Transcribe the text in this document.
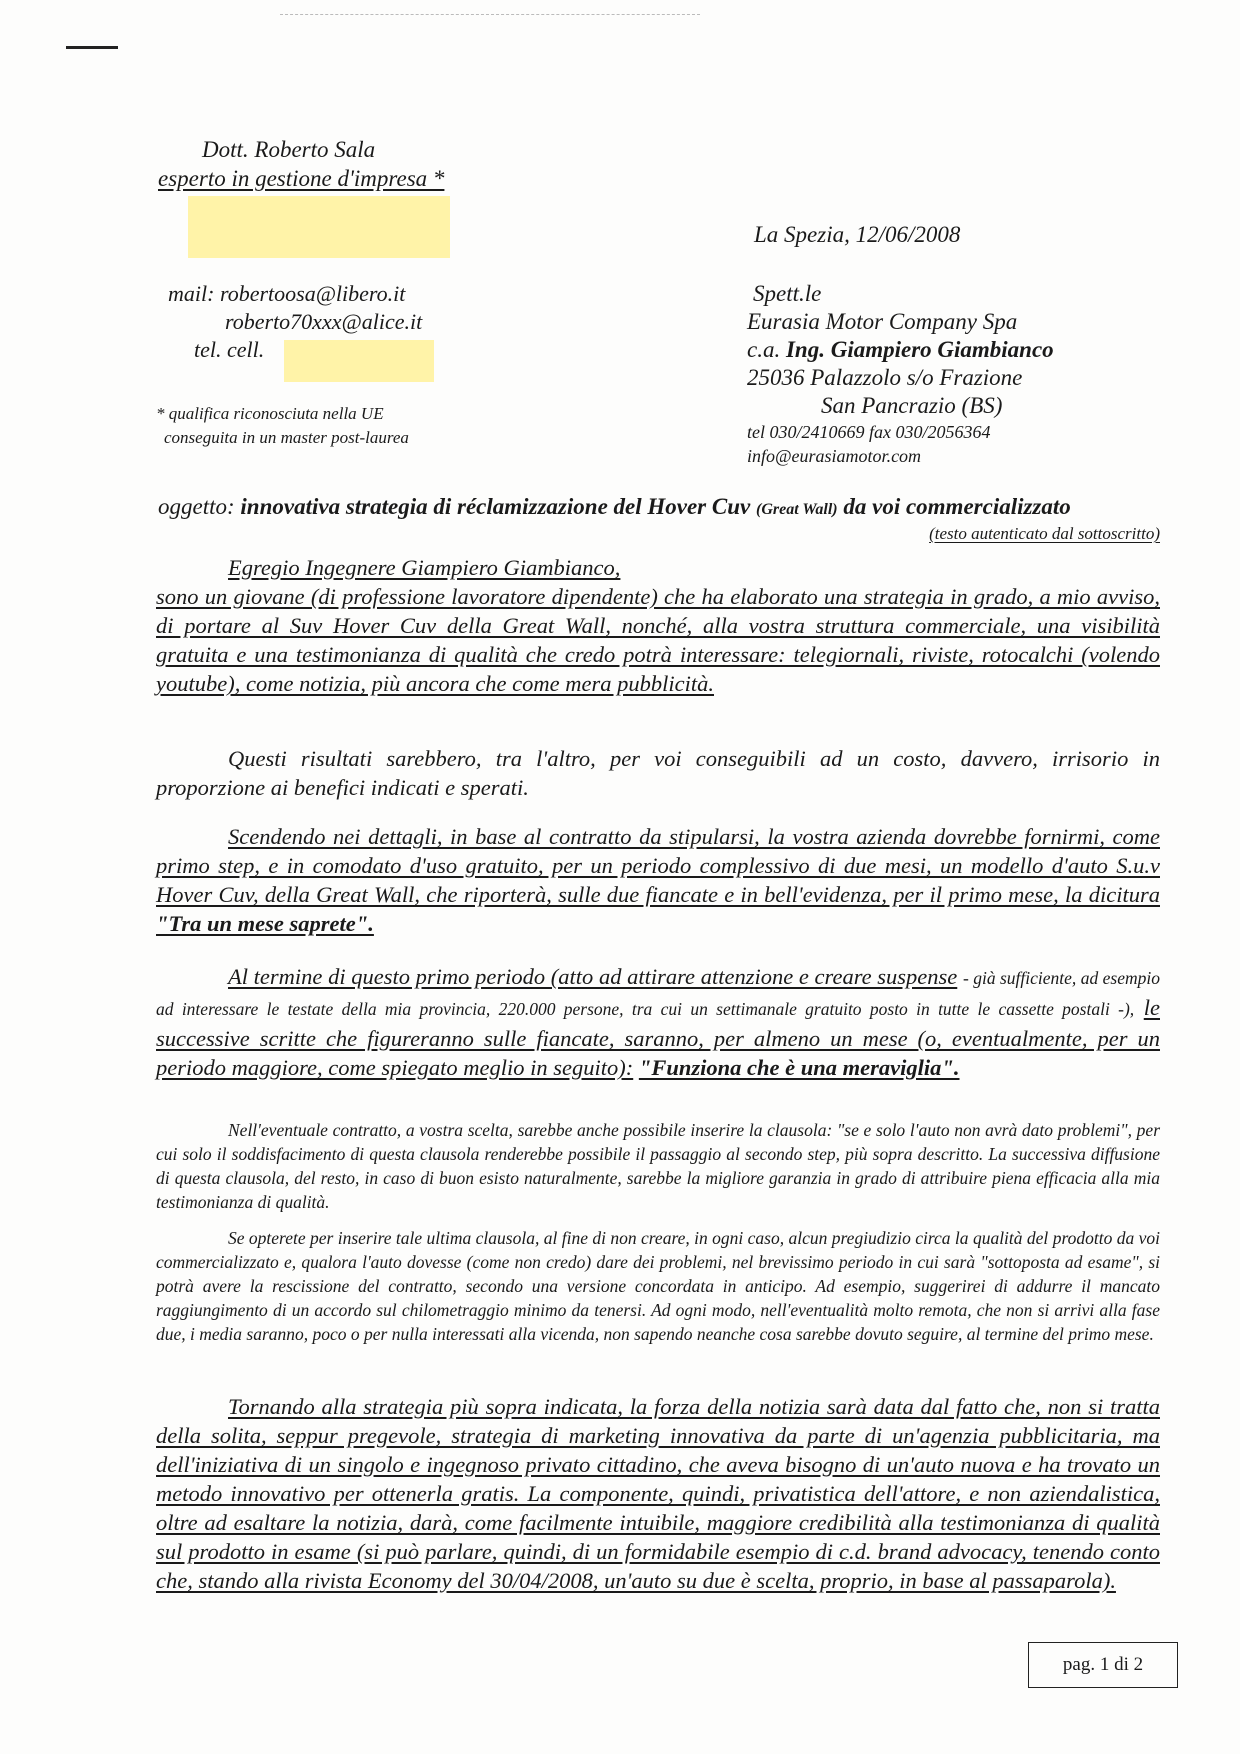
Dott. Roberto Sala
esperto in gestione d'impresa *
mail: robertoosa@libero.it
roberto70xxx@alice.it
tel. cell.
* qualifica riconosciuta nella UE
conseguita in un master post-laurea
La Spezia, 12/06/2008
Spett.le
Eurasia Motor Company Spa
c.a. Ing. Giampiero Giambianco
25036 Palazzolo s/o Frazione
San Pancrazio (BS)
tel 030/2410669 fax 030/2056364
info@eurasiamotor.com
oggetto: innovativa strategia di réclamizzazione del Hover Cuv (Great Wall) da voi commercializzato
(testo autenticato dal sottoscritto)
Egregio Ingegnere Giampiero Giambianco,
sono un giovane (di professione lavoratore dipendente) che ha elaborato una strategia in grado, a mio avviso, di portare al Suv Hover Cuv della Great Wall, nonché, alla vostra struttura commerciale, una visibilità gratuita e una testimonianza di qualità che credo potrà interessare: telegiornali, riviste, rotocalchi (volendo youtube), come notizia, più ancora che come mera pubblicità.
Questi risultati sarebbero, tra l'altro, per voi conseguibili ad un costo, davvero, irrisorio in proporzione ai benefici indicati e sperati.
Scendendo nei dettagli, in base al contratto da stipularsi, la vostra azienda dovrebbe fornirmi, come primo step, e in comodato d'uso gratuito, per un periodo complessivo di due mesi, un modello d'auto S.u.v Hover Cuv, della Great Wall, che riporterà, sulle due fiancate e in bell'evidenza, per il primo mese, la dicitura "Tra un mese saprete".
Al termine di questo primo periodo (atto ad attirare attenzione e creare suspense - già sufficiente, ad esempio ad interessare le testate della mia provincia, 220.000 persone, tra cui un settimanale gratuito posto in tutte le cassette postali -), le successive scritte che figureranno sulle fiancate, saranno, per almeno un mese (o, eventualmente, per un periodo maggiore, come spiegato meglio in seguito): "Funziona che è una meraviglia".
Nell'eventuale contratto, a vostra scelta, sarebbe anche possibile inserire la clausola: "se e solo l'auto non avrà dato problemi", per cui solo il soddisfacimento di questa clausola renderebbe possibile il passaggio al secondo step, più sopra descritto. La successiva diffusione di questa clausola, del resto, in caso di buon esisto naturalmente, sarebbe la migliore garanzia in grado di attribuire piena efficacia alla mia testimonianza di qualità.
Se opterete per inserire tale ultima clausola, al fine di non creare, in ogni caso, alcun pregiudizio circa la qualità del prodotto da voi commercializzato e, qualora l'auto dovesse (come non credo) dare dei problemi, nel brevissimo periodo in cui sarà "sottoposta ad esame", si potrà avere la rescissione del contratto, secondo una versione concordata in anticipo. Ad esempio, suggerirei di addurre il mancato raggiungimento di un accordo sul chilometraggio minimo da tenersi. Ad ogni modo, nell'eventualità molto remota, che non si arrivi alla fase due, i media saranno, poco o per nulla interessati alla vicenda, non sapendo neanche cosa sarebbe dovuto seguire, al termine del primo mese.
Tornando alla strategia più sopra indicata, la forza della notizia sarà data dal fatto che, non si tratta della solita, seppur pregevole, strategia di marketing innovativa da parte di un'agenzia pubblicitaria, ma dell'iniziativa di un singolo e ingegnoso privato cittadino, che aveva bisogno di un'auto nuova e ha trovato un metodo innovativo per ottenerla gratis. La componente, quindi, privatistica dell'attore, e non aziendalistica, oltre ad esaltare la notizia, darà, come facilmente intuibile, maggiore credibilità alla testimonianza di qualità sul prodotto in esame (si può parlare, quindi, di un formidabile esempio di c.d. brand advocacy, tenendo conto che, stando alla rivista Economy del 30/04/2008, un'auto su due è scelta, proprio, in base al passaparola).
pag. 1 di 2
